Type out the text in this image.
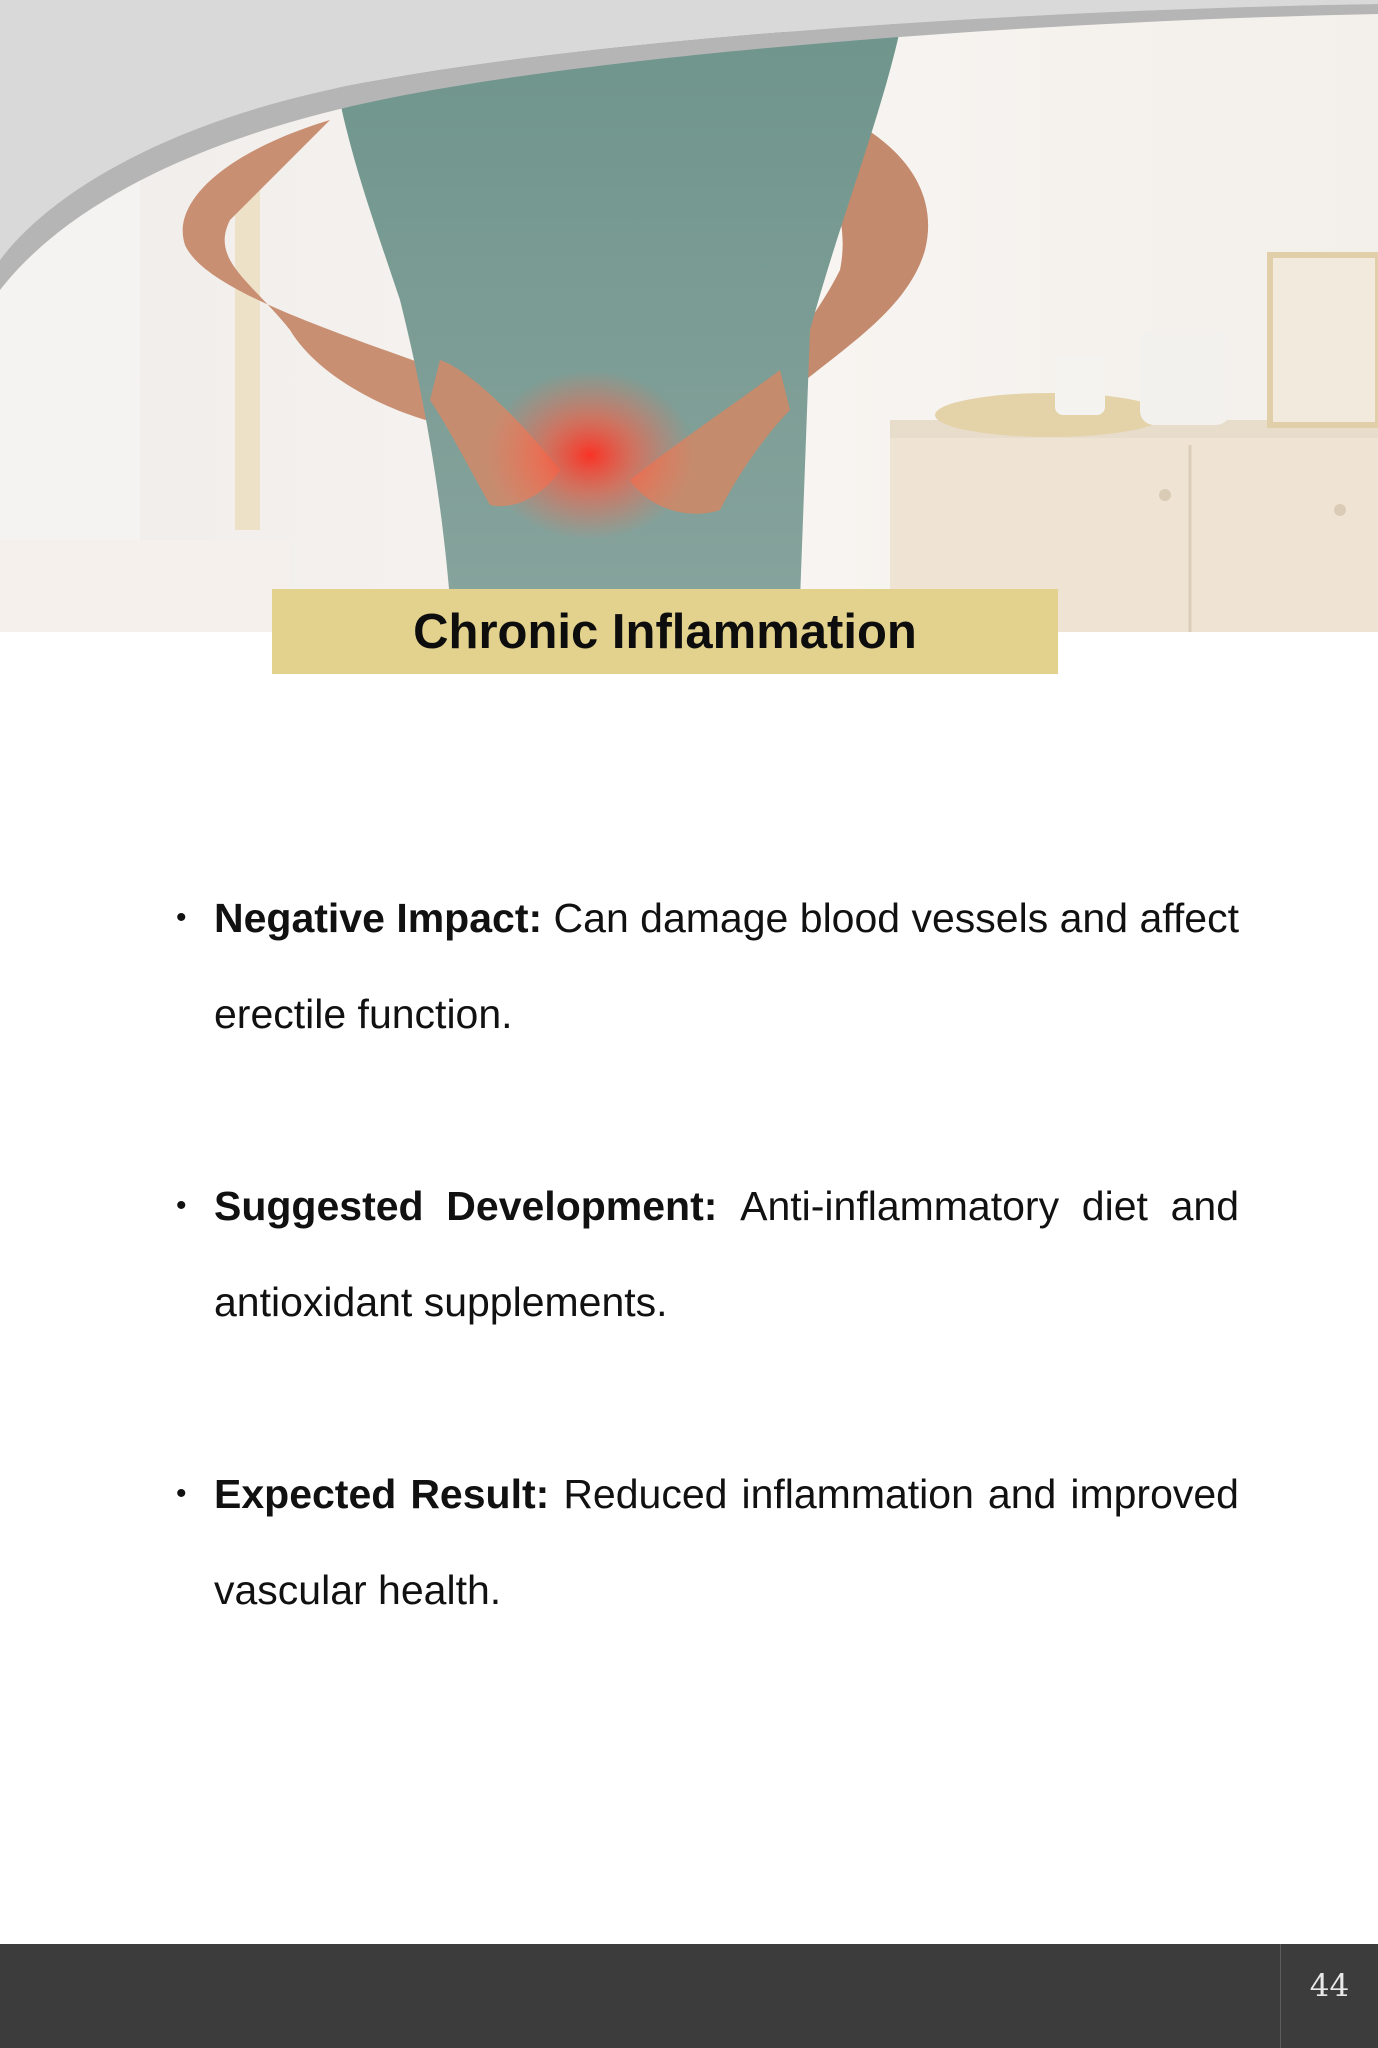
Chronic Inflammation
• Negative Impact: Can damage blood vessels and affect erectile function.
• Suggested Development: Anti-inflammatory diet and antioxidant supplements.
• Expected Result: Reduced inflammation and improved vascular health.
44
